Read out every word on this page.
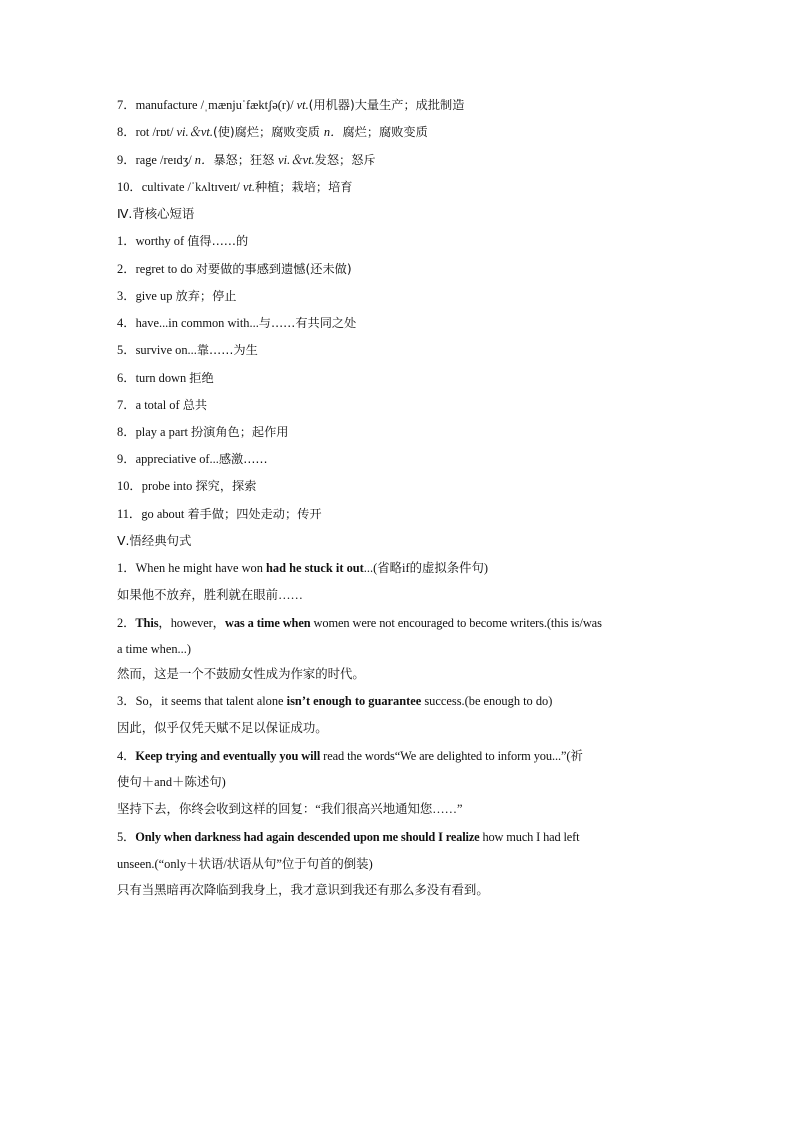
7．manufacture /ˌmænjuˈfæktʃə(r)/ vt.(用机器)大量生产；成批制造
8．rot /rɒt/ vi.＆vt.(使)腐烂；腐败变质 n．腐烂；腐败变质
9．rage /reɪdʒ/ n．暴怒；狂怒 vi.＆vt.发怒；怒斥
10．cultivate /ˈkʌltɪveɪt/ vt.种植；栽培；培育
Ⅳ.背核心短语
1．worthy of 值得……的
2．regret to do 对要做的事感到遗憾(还未做)
3．give up 放弃；停止
4．have...in common with...与……有共同之处
5．survive on...靠……为生
6．turn down 拒绝
7．a total of 总共
8．play a part 扮演角色；起作用
9．appreciative of...感激……
10．probe into 探究，探索
11．go about 着手做；四处走动；传开
Ⅴ.悟经典句式
1．When he might have won had he stuck it out...(省略if的虚拟条件句)
如果他不放弃，胜利就在眼前……
2．This，however，was a time when women were not encouraged to become writers.(this is/was
a time when...)
然而，这是一个不鼓励女性成为作家的时代。
3．So，it seems that talent alone isn’t enough to guarantee success.(be enough to do)
因此，似乎仅凭天赋不足以保证成功。
4．Keep trying and eventually you will read the words“We are delighted to inform you...”(祈
使句＋and＋陈述句)
坚持下去，你终会收到这样的回复：“我们很高兴地通知您……”
5．Only when darkness had again descended upon me should I realize how much I had left
unseen.(“only＋状语/状语从句”位于句首的倒装)
只有当黑暗再次降临到我身上，我才意识到我还有那么多没有看到。
